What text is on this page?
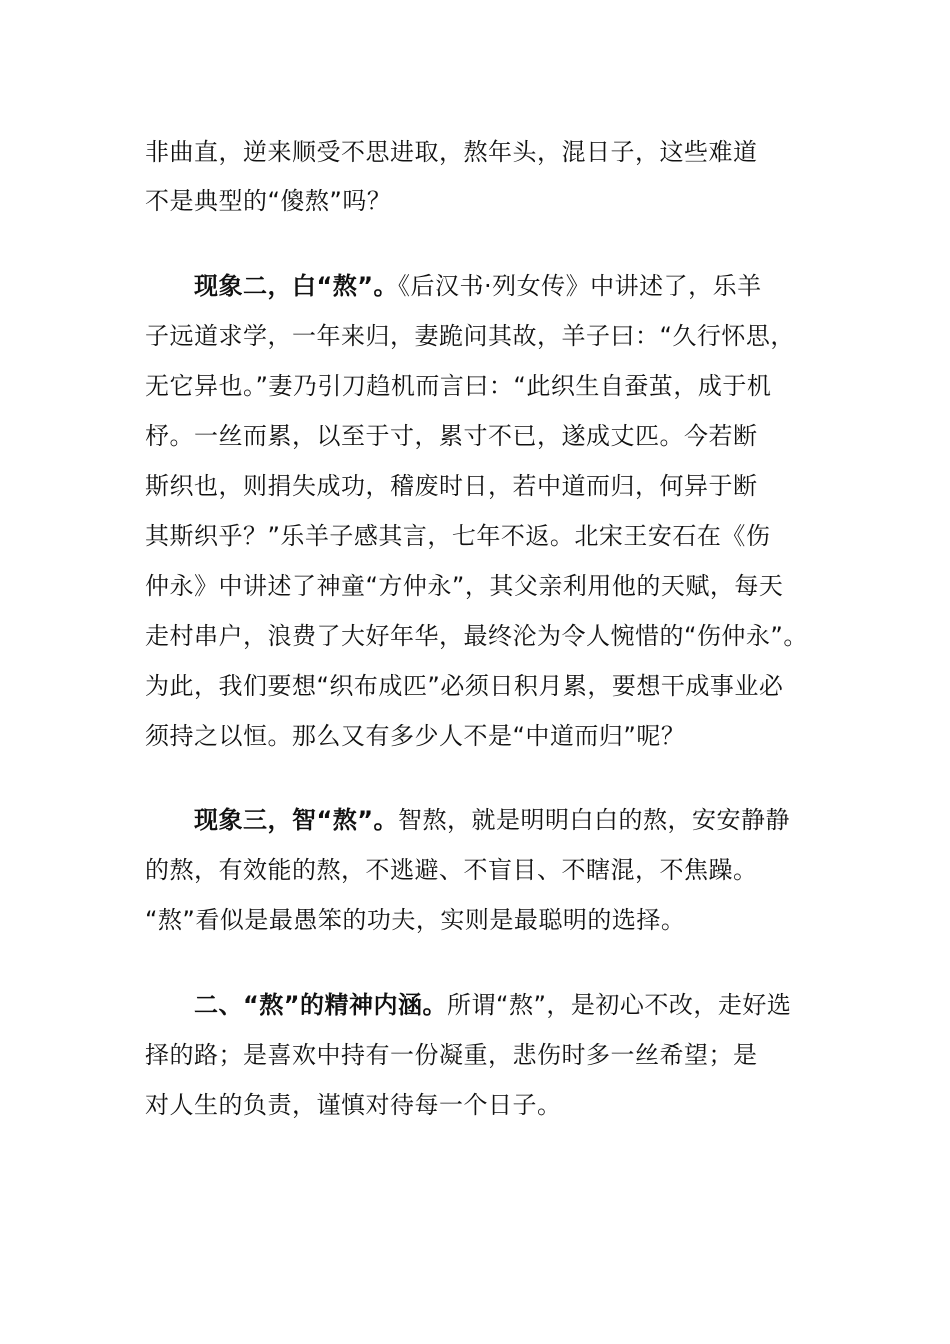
非曲直，逆来顺受不思进取，熬年头，混日子，这些难道
不是典型的“傻熬”吗？
现象二，白“熬”。《后汉书·列女传》中讲述了，乐羊
子远道求学，一年来归，妻跪问其故，羊子曰：“久行怀思，
无它异也。”妻乃引刀趋机而言曰：“此织生自蚕茧，成于机
杼。一丝而累，以至于寸，累寸不已，遂成丈匹。今若断
斯织也，则捐失成功，稽废时日，若中道而归，何异于断
其斯织乎？”乐羊子感其言，七年不返。北宋王安石在《伤
仲永》中讲述了神童“方仲永”，其父亲利用他的天赋，每天
走村串户，浪费了大好年华，最终沦为令人惋惜的“伤仲永”。
为此，我们要想“织布成匹”必须日积月累，要想干成事业必
须持之以恒。那么又有多少人不是“中道而归”呢？
现象三，智“熬”。智熬，就是明明白白的熬，安安静静
的熬，有效能的熬，不逃避、不盲目、不瞎混，不焦躁。
“熬”看似是最愚笨的功夫，实则是最聪明的选择。
二、“熬”的精神内涵。所谓“熬”，是初心不改，走好选
择的路；是喜欢中持有一份凝重，悲伤时多一丝希望；是
对人生的负责，谨慎对待每一个日子。
